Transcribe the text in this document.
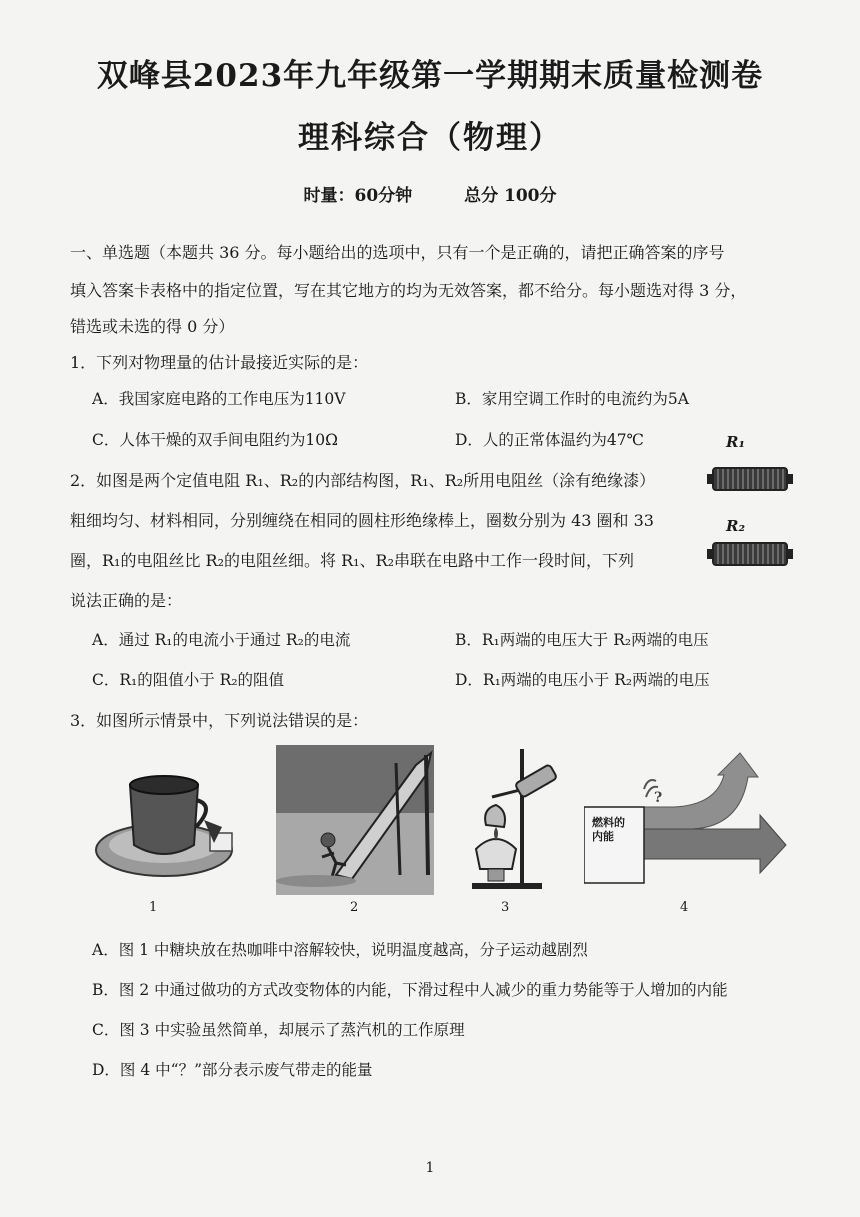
双峰县2023年九年级第一学期期末质量检测卷
理科综合（物理）
时量：60分钟	总分 100分
一、单选题（本题共 36 分。每小题给出的选项中，只有一个是正确的，请把正确答案的序号
填入答案卡表格中的指定位置，写在其它地方的均为无效答案，都不给分。每小题选对得 3 分，
错选或未选的得 0 分）
1．下列对物理量的估计最接近实际的是：
A．我国家庭电路的工作电压为110V	B．家用空调工作时的电流约为5A
C．人体干燥的双手间电阻约为10Ω	D．人的正常体温约为47℃	R₁
R₂
2．如图是两个定值电阻 R₁、R₂的内部结构图，R₁、R₂所用电阻丝（涂有绝缘漆）
粗细均匀、材料相同，分别缠绕在相同的圆柱形绝缘棒上，圈数分别为 43 圈和 33
圈，R₁的电阻丝比 R₂的电阻丝细。将 R₁、R₂串联在电路中工作一段时间，下列
说法正确的是：
A．通过 R₁的电流小于通过 R₂的电流	B．R₁两端的电压大于 R₂两端的电压
C．R₁的阻值小于 R₂的阻值	D．R₁两端的电压小于 R₂两端的电压
3．如图所示情景中，下列说法错误的是：
1	2	3
燃料的内能
?
4
A．图 1 中糖块放在热咖啡中溶解较快，说明温度越高，分子运动越剧烈
B．图 2 中通过做功的方式改变物体的内能，下滑过程中人减少的重力势能等于人增加的内能
C．图 3 中实验虽然简单，却展示了蒸汽机的工作原理
D．图 4 中“？”部分表示废气带走的能量
1
